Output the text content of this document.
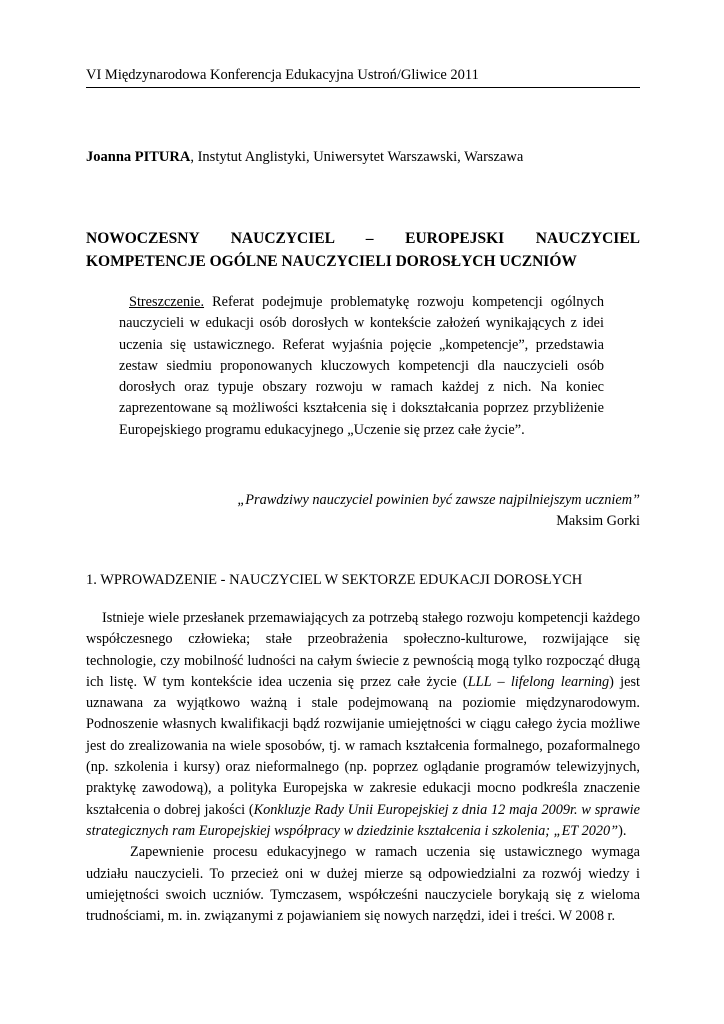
VI Międzynarodowa Konferencja Edukacyjna Ustroń/Gliwice 2011
Joanna PITURA, Instytut Anglistyki, Uniwersytet Warszawski, Warszawa
NOWOCZESNY NAUCZYCIEL – EUROPEJSKI NAUCZYCIEL
KOMPETENCJE OGÓLNE NAUCZYCIELI DOROSŁYCH UCZNIÓW
Streszczenie. Referat podejmuje problematykę rozwoju kompetencji ogólnych nauczycieli w edukacji osób dorosłych w kontekście założeń wynikających z idei uczenia się ustawicznego. Referat wyjaśnia pojęcie „kompetencje”, przedstawia zestaw siedmiu proponowanych kluczowych kompetencji dla nauczycieli osób dorosłych oraz typuje obszary rozwoju w ramach każdej z nich. Na koniec zaprezentowane są możliwości kształcenia się i dokształcania poprzez przybliżenie Europejskiego programu edukacyjnego „Uczenie się przez całe życie”.
„Prawdziwy nauczyciel powinien być zawsze najpilniejszym uczniem”
Maksim Gorki
1. WPROWADZENIE - NAUCZYCIEL W SEKTORZE EDUKACJI DOROSŁYCH

Istnieje wiele przesłanek przemawiających za potrzebą stałego rozwoju kompetencji każdego współczesnego człowieka; stałe przeobrażenia społeczno-kulturowe, rozwijające się technologie, czy mobilność ludności na całym świecie z pewnością mogą tylko rozpocząć długą ich listę. W tym kontekście idea uczenia się przez całe życie (LLL – lifelong learning) jest uznawana za wyjątkowo ważną i stale podejmowaną na poziomie międzynarodowym. Podnoszenie własnych kwalifikacji bądź rozwijanie umiejętności w ciągu całego życia możliwe jest do zrealizowania na wiele sposobów, tj. w ramach kształcenia formalnego, pozaformalnego (np. szkolenia i kursy) oraz nieformalnego (np. poprzez oglądanie programów telewizyjnych, praktykę zawodową), a polityka Europejska w zakresie edukacji mocno podkreśla znaczenie kształcenia o dobrej jakości (Konkluzje Rady Unii Europejskiej z dnia 12 maja 2009r. w sprawie strategicznych ram Europejskiej współpracy w dziedzinie kształcenia i szkolenia; „ET 2020”).

Zapewnienie procesu edukacyjnego w ramach uczenia się ustawicznego wymaga udziału nauczycieli. To przecież oni w dużej mierze są odpowiedzialni za rozwój wiedzy i umiejętności swoich uczniów. Tymczasem, współcześni nauczyciele borykają się z wieloma trudnościami, m. in. związanymi z pojawianiem się nowych narzędzi, idei i treści. W 2008 r.
